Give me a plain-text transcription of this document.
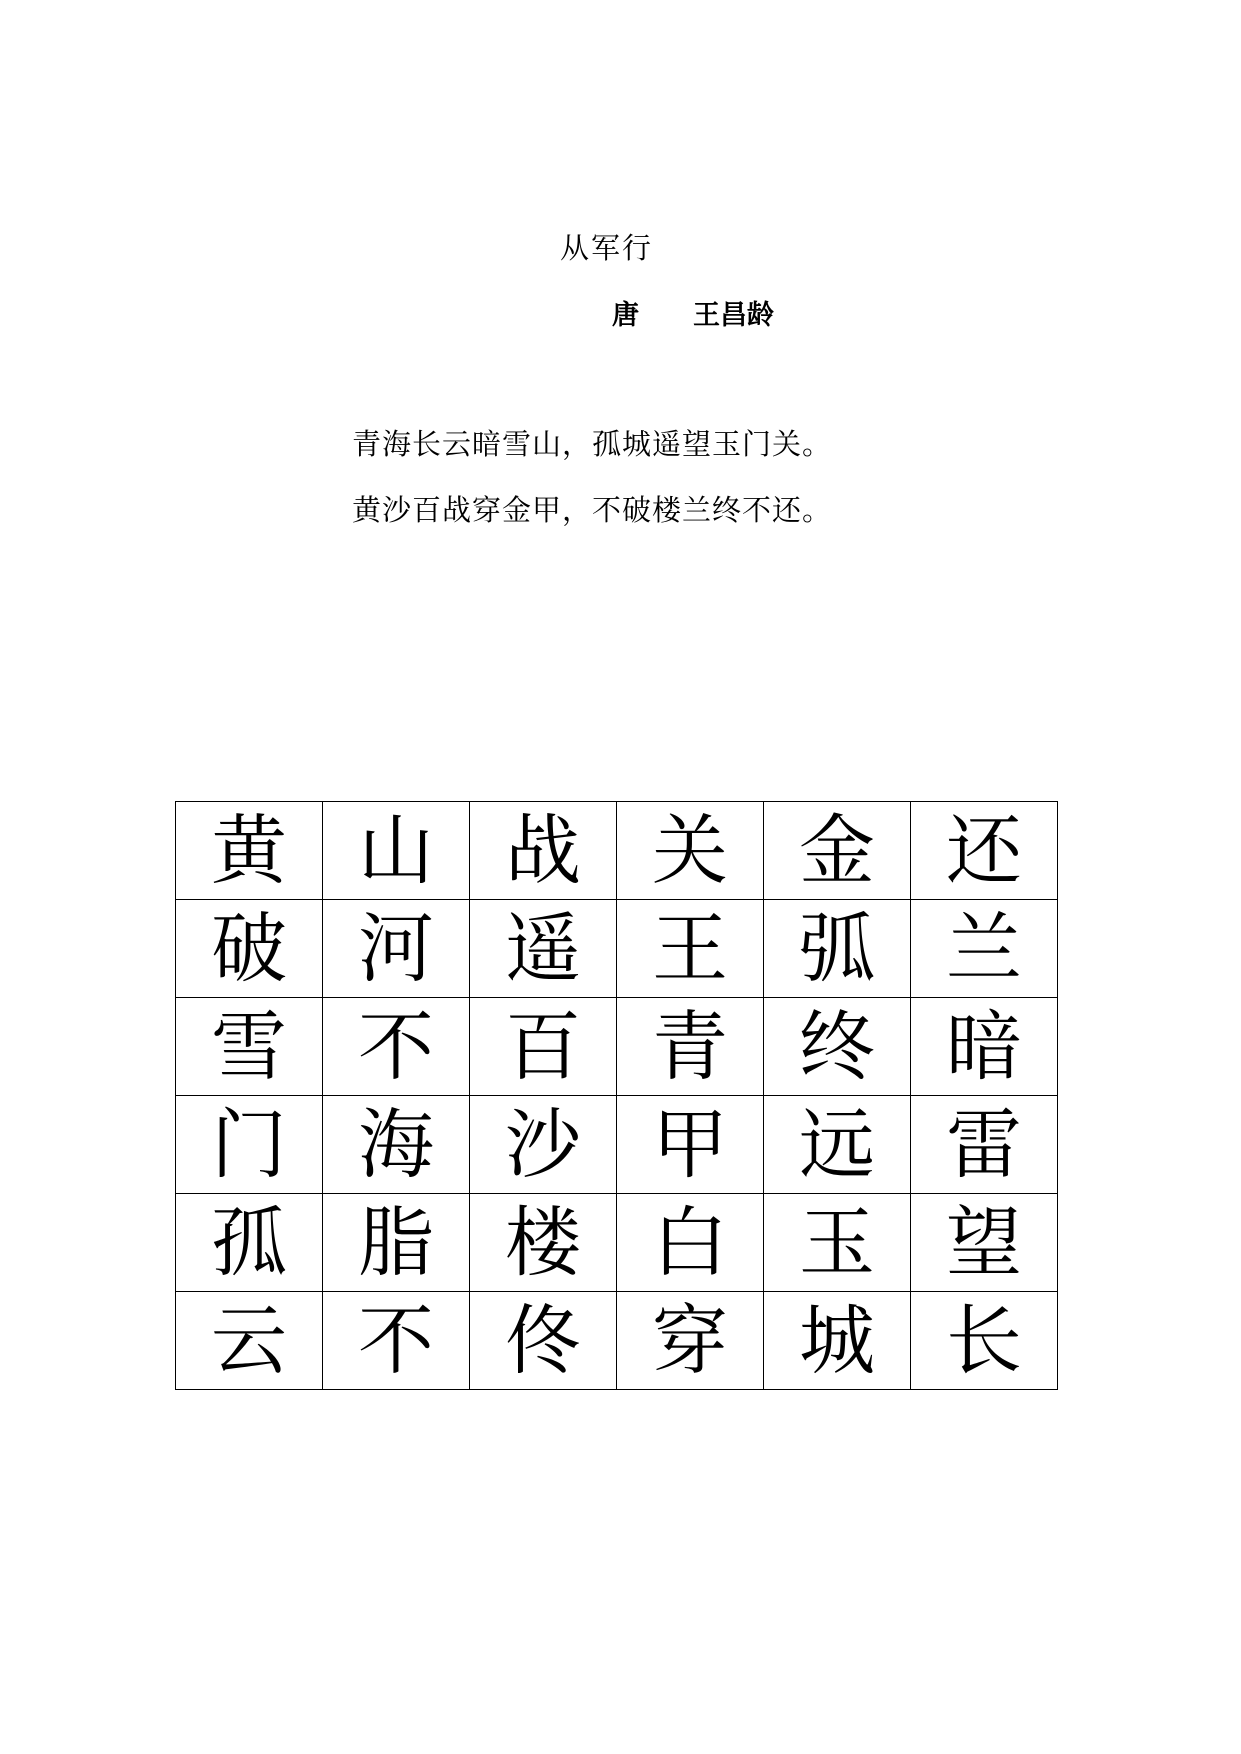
从军行
唐 王昌龄
青海长云暗雪山，孤城遥望玉门关。
黄沙百战穿金甲，不破楼兰终不还。
黄	山	战	关	金	还
破	河	遥	王	弧	兰
雪	不	百	青	终	暗
门	海	沙	甲	远	雷
孤	脂	楼	白	玉	望
云	不	佟	穿	城	长
